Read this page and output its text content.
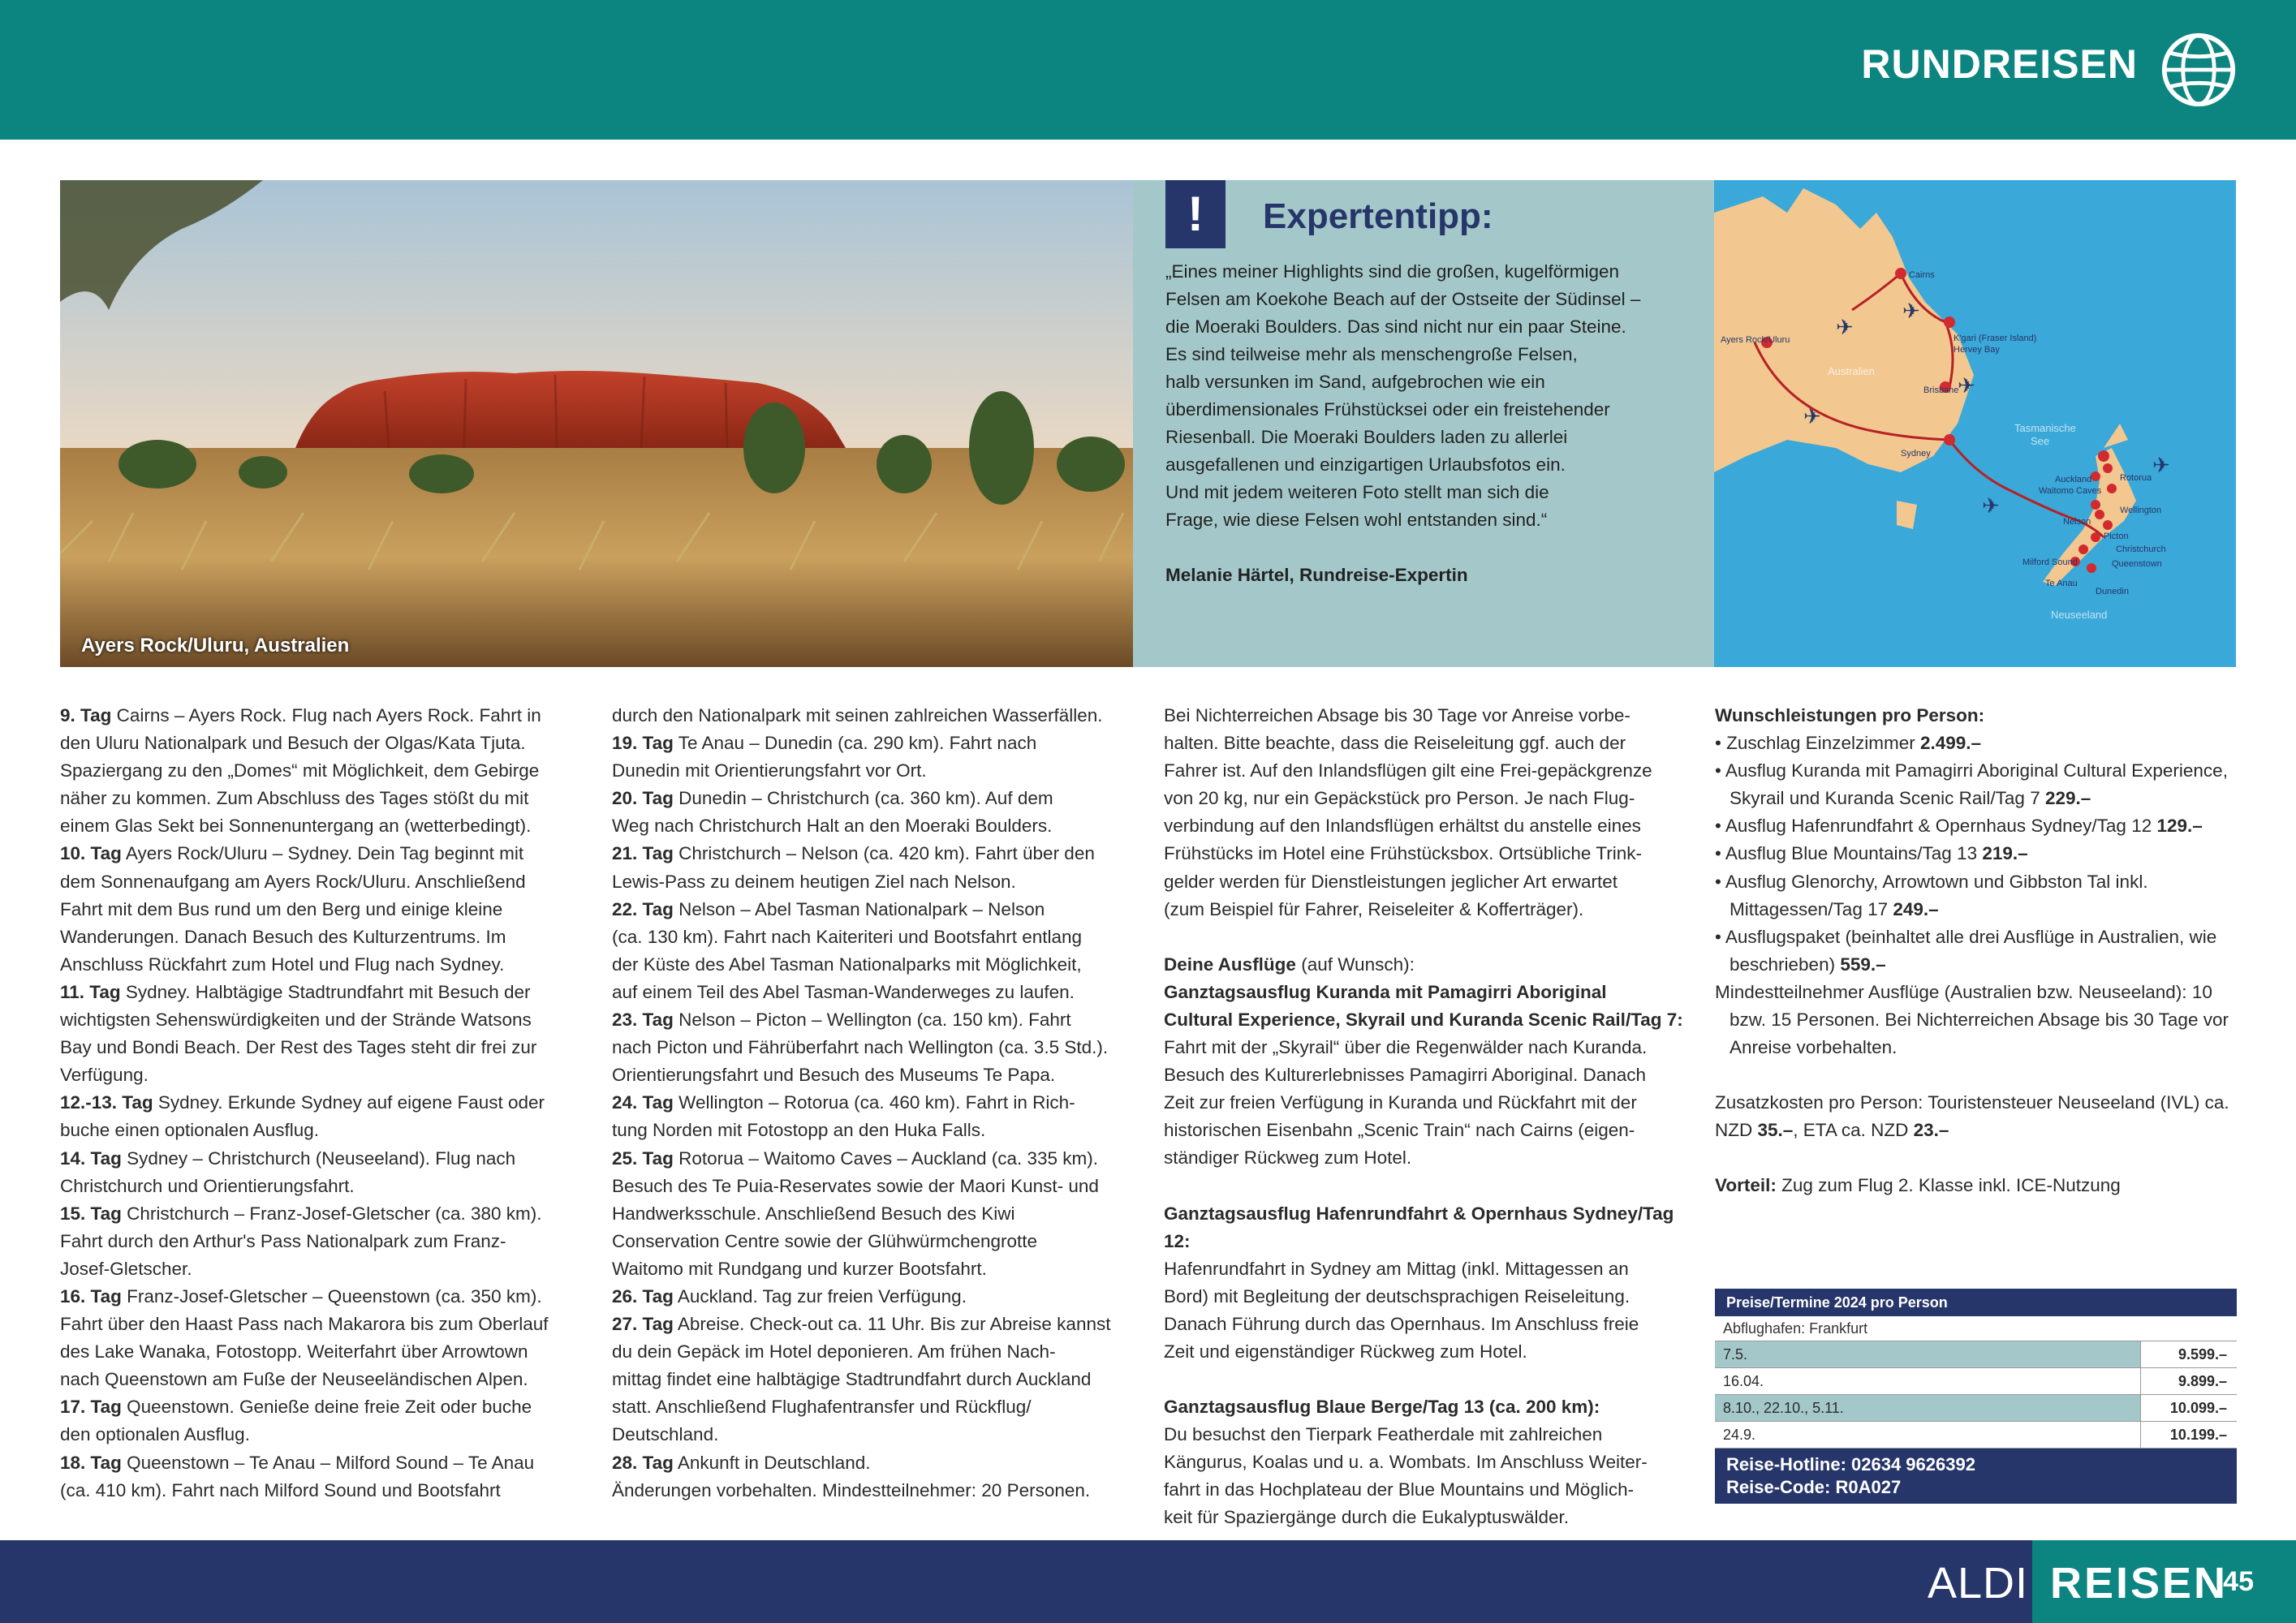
RUNDREISEN
Ayers Rock/Uluru, Australien
!	Expertentipp:
„Eines meiner Highlights sind die großen, kugelförmigen
Felsen am Koekohe Beach auf der Ostseite der Südinsel –
die Moeraki Boulders. Das sind nicht nur ein paar Steine.
Es sind teilweise mehr als menschengroße Felsen,
halb versunken im Sand, aufgebrochen wie ein
überdimensionales Frühstücksei oder ein freistehender
Riesenball. Die Moeraki Boulders laden zu allerlei
ausgefallenen und einzigartigen Urlaubsfotos ein.
Und mit jedem weiteren Foto stellt man sich die
Frage, wie diese Felsen wohl entstanden sind.“
Melanie Härtel, Rundreise-Expertin
Cairns
Ayers Rock/Uluru	K'gari (Fraser Island)
Hervey Bay
Brisbane
Sydney
Auckland	Rotorua
Waitomo Caves
Wellington
Nelson
Picton
Christchurch
Queenstown
Milford Sound
Te Anau
Dunedin
Australien
Tasmanische
See
Neuseeland
✈
✈
✈
✈
✈
✈

9. Tag Cairns – Ayers Rock. Flug nach Ayers Rock. Fahrt in

den Uluru Nationalpark und Besuch der Olgas/Kata Tjuta.

Spaziergang zu den „Domes“ mit Möglichkeit, dem Gebirge

näher zu kommen. Zum Abschluss des Tages stößt du mit

einem Glas Sekt bei Sonnenuntergang an (wetterbedingt).

10. Tag Ayers Rock/Uluru – Sydney. Dein Tag beginnt mit

dem Sonnenaufgang am Ayers Rock/Uluru. Anschließend

Fahrt mit dem Bus rund um den Berg und einige kleine

Wanderungen. Danach Besuch des Kulturzentrums. Im

Anschluss Rückfahrt zum Hotel und Flug nach Sydney.

11. Tag Sydney. Halbtägige Stadtrundfahrt mit Besuch der

wichtigsten Sehenswürdigkeiten und der Strände Watsons

Bay und Bondi Beach. Der Rest des Tages steht dir frei zur

Verfügung.

12.-13. Tag Sydney. Erkunde Sydney auf eigene Faust oder

buche einen optionalen Ausflug.

14. Tag Sydney – Christchurch (Neuseeland). Flug nach

Christchurch und Orientierungsfahrt.

15. Tag Christchurch – Franz-Josef-Gletscher (ca. 380 km).

Fahrt durch den Arthur's Pass Nationalpark zum Franz-

Josef-Gletscher.

16. Tag Franz-Josef-Gletscher – Queenstown (ca. 350 km).

Fahrt über den Haast Pass nach Makarora bis zum Oberlauf

des Lake Wanaka, Fotostopp. Weiterfahrt über Arrowtown

nach Queenstown am Fuße der Neuseeländischen Alpen.

17. Tag Queenstown. Genieße deine freie Zeit oder buche

den optionalen Ausflug.

18. Tag Queenstown – Te Anau – Milford Sound – Te Anau

(ca. 410 km). Fahrt nach Milford Sound und Bootsfahrt

durch den Nationalpark mit seinen zahlreichen Wasserfällen.

19. Tag Te Anau – Dunedin (ca. 290 km). Fahrt nach

Dunedin mit Orientierungsfahrt vor Ort.

20. Tag Dunedin – Christchurch (ca. 360 km). Auf dem

Weg nach Christchurch Halt an den Moeraki Boulders.

21. Tag Christchurch – Nelson (ca. 420 km). Fahrt über den

Lewis-Pass zu deinem heutigen Ziel nach Nelson.

22. Tag Nelson – Abel Tasman Nationalpark – Nelson

(ca. 130 km). Fahrt nach Kaiteriteri und Bootsfahrt entlang

der Küste des Abel Tasman Nationalparks mit Möglichkeit,

auf einem Teil des Abel Tasman-Wanderweges zu laufen.

23. Tag Nelson – Picton – Wellington (ca. 150 km). Fahrt

nach Picton und Fährüberfahrt nach Wellington (ca. 3.5 Std.).

Orientierungsfahrt und Besuch des Museums Te Papa.

24. Tag Wellington – Rotorua (ca. 460 km). Fahrt in Rich-

tung Norden mit Fotostopp an den Huka Falls.

25. Tag Rotorua – Waitomo Caves – Auckland (ca. 335 km).

Besuch des Te Puia-Reservates sowie der Maori Kunst- und

Handwerksschule. Anschließend Besuch des Kiwi

Conservation Centre sowie der Glühwürmchengrotte

Waitomo mit Rundgang und kurzer Bootsfahrt.

26. Tag Auckland. Tag zur freien Verfügung.

27. Tag Abreise. Check-out ca. 11 Uhr. Bis zur Abreise kannst

du dein Gepäck im Hotel deponieren. Am frühen Nach-

mittag findet eine halbtägige Stadtrundfahrt durch Auckland

statt. Anschließend Flughafentransfer und Rückflug/

Deutschland.

28. Tag Ankunft in Deutschland.

Änderungen vorbehalten. Mindestteilnehmer: 20 Personen.

Bei Nichterreichen Absage bis 30 Tage vor Anreise vorbe-

halten. Bitte beachte, dass die Reiseleitung ggf. auch der

Fahrer ist. Auf den Inlandsflügen gilt eine Frei-gepäckgrenze

von 20 kg, nur ein Gepäckstück pro Person. Je nach Flug-

verbindung auf den Inlandsflügen erhältst du anstelle eines

Frühstücks im Hotel eine Frühstücksbox. Ortsübliche Trink-

gelder werden für Dienstleistungen jeglicher Art erwartet

(zum Beispiel für Fahrer, Reiseleiter & Kofferträger).

Deine Ausflüge (auf Wunsch):

Ganztagsausflug Kuranda mit Pamagirri Aboriginal

Cultural Experience, Skyrail und Kuranda Scenic Rail/Tag 7:

Fahrt mit der „Skyrail“ über die Regenwälder nach Kuranda.

Besuch des Kulturerlebnisses Pamagirri Aboriginal. Danach

Zeit zur freien Verfügung in Kuranda und Rückfahrt mit der

historischen Eisenbahn „Scenic Train“ nach Cairns (eigen-

ständiger Rückweg zum Hotel.

Ganztagsausflug Hafenrundfahrt & Opernhaus Sydney/Tag 12:

Hafenrundfahrt in Sydney am Mittag (inkl. Mittagessen an

Bord) mit Begleitung der deutschsprachigen Reiseleitung.

Danach Führung durch das Opernhaus. Im Anschluss freie

Zeit und eigenständiger Rückweg zum Hotel.

Ganztagsausflug Blaue Berge/Tag 13 (ca. 200 km):

Du besuchst den Tierpark Featherdale mit zahlreichen

Kängurus, Koalas und u. a. Wombats. Im Anschluss Weiter-

fahrt in das Hochplateau der Blue Mountains und Möglich-

keit für Spaziergänge durch die Eukalyptuswälder.

Wunschleistungen pro Person:

• Zuschlag Einzelzimmer 2.499.–

• Ausflug Kuranda mit Pamagirri Aboriginal Cultural Experience, Skyrail und Kuranda Scenic Rail/Tag 7 229.–

• Ausflug Hafenrundfahrt & Opernhaus Sydney/Tag 12 129.–

• Ausflug Blue Mountains/Tag 13 219.–

• Ausflug Glenorchy, Arrowtown und Gibbston Tal inkl. Mittagessen/Tag 17 249.–

• Ausflugspaket (beinhaltet alle drei Ausflüge in Australien, wie beschrieben) 559.–

Mindestteilnehmer Ausflüge (Australien bzw. Neuseeland): 10 bzw. 15 Personen. Bei Nichterreichen Absage bis 30 Tage vor Anreise vorbehalten.

Zusatzkosten pro Person: Touristensteuer Neuseeland (IVL) ca. NZD 35.–, ETA ca. NZD 23.–

Vorteil: Zug zum Flug 2. Klasse inkl. ICE-Nutzung

Preise/Termine 2024 pro Person
Abflughafen: Frankfurt
7.5.	9.599.–
16.04.	9.899.–
8.10., 22.10., 5.11.	10.099.–
24.9.	10.199.–
Reise-Hotline: 02634 9626392
Reise-Code: R0A027
ALDI REISEN
45
